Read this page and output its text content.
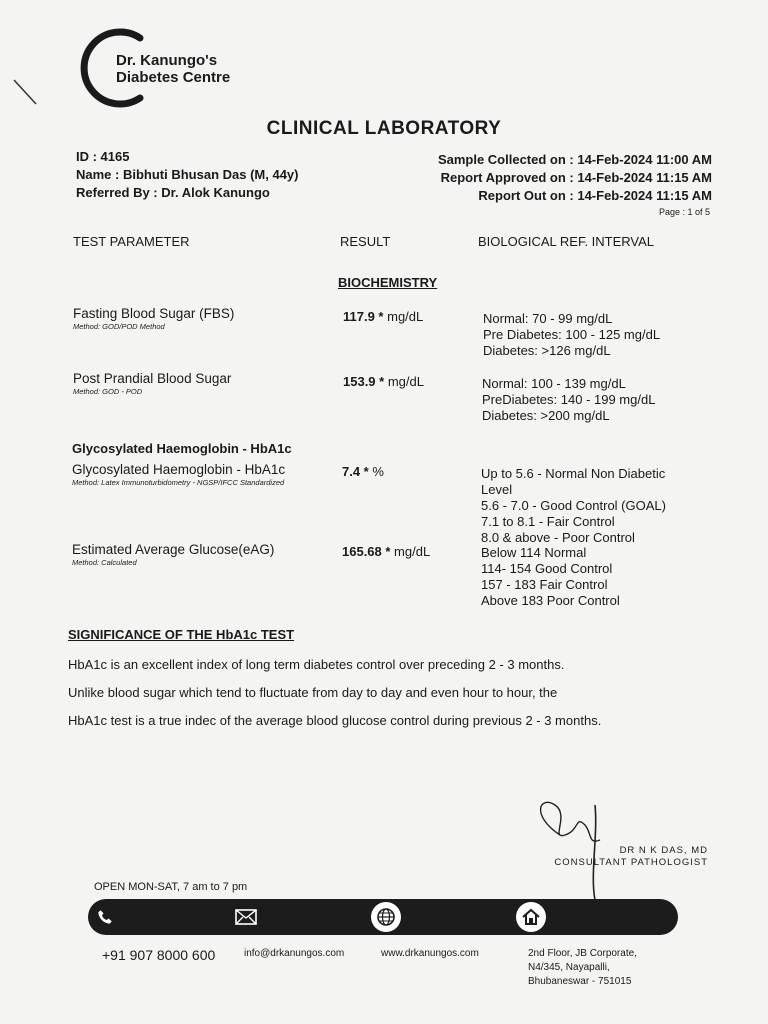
Dr. Kanungo's
Diabetes Centre
CLINICAL LABORATORY
ID : 4165
Name : Bibhuti Bhusan Das (M, 44y)
Referred By : Dr. Alok Kanungo
Sample Collected on : 14-Feb-2024 11:00 AM
Report Approved on : 14-Feb-2024 11:15 AM
Report Out on : 14-Feb-2024 11:15 AM
Page : 1 of 5
TEST PARAMETER	RESULT	BIOLOGICAL REF. INTERVAL
BIOCHEMISTRY
Fasting Blood Sugar (FBS)
Method: GOD/POD Method
117.9 * mg/dL	Normal: 70 - 99 mg/dL
Pre Diabetes: 100 - 125 mg/dL
Diabetes: >126 mg/dL
Post Prandial Blood Sugar
Method: GOD - POD
153.9 * mg/dL	Normal: 100 - 139 mg/dL
PreDiabetes: 140 - 199 mg/dL
Diabetes: >200 mg/dL
Glycosylated Haemoglobin - HbA1c
Glycosylated Haemoglobin - HbA1c
Method: Latex Immunoturbidometry - NGSP/IFCC Standardized
7.4 * %	Up to 5.6 - Normal Non Diabetic
Level
5.6 - 7.0 - Good Control (GOAL)
7.1 to 8.1 - Fair Control
8.0 & above - Poor Control
Estimated Average Glucose(eAG)
Method: Calculated
165.68 * mg/dL	Below 114 Normal
114- 154 Good Control
157 - 183 Fair Control
Above 183 Poor Control
SIGNIFICANCE OF THE HbA1c TEST
HbA1c is an excellent index of long term diabetes control over preceding 2 - 3 months.
Unlike blood sugar which tend to fluctuate from day to day and even hour to hour, the
HbA1c test is a true indec of the average blood glucose control during previous 2 - 3 months.
DR N K DAS, MD
CONSULTANT PATHOLOGIST
OPEN MON-SAT, 7 am to 7 pm
+91 907 8000 600	info@drkanungos.com	www.drkanungos.com	2nd Floor, JB Corporate,
N4/345, Nayapalli,
Bhubaneswar - 751015
